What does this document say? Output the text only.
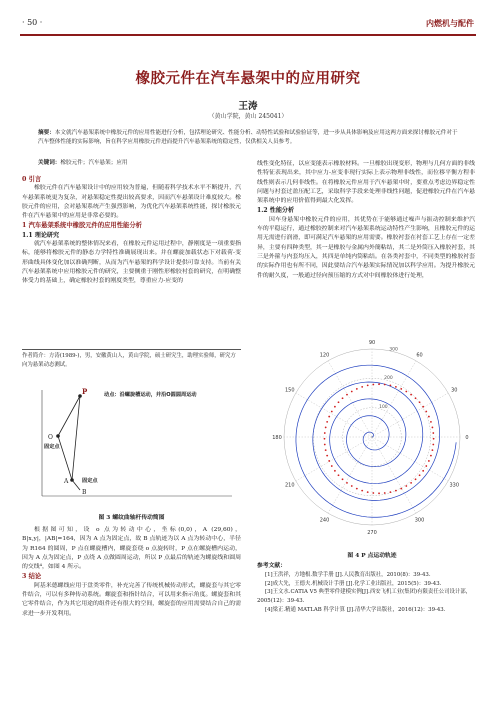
· 50 ·	内燃机与配件
橡胶元件在汽车悬架中的应用研究
王涛
（黄山学院，黄山 245041）
摘要：本文就汽车悬架系统中橡胶元件的应用性能进行分析，包括理论研究、性能分析、动特性试验和试验验证等，进一步从具体影响及应用这两方面来探讨橡胶元件对于汽车整体性能的实际影响，旨在科学应用橡胶元件进而提升汽车悬架系统的稳定性，仅供相关人员参考。
关键词：橡胶元件；汽车悬架；应用
0 引言

橡胶元件在汽车悬架设计中的应用较为普遍，但随着科学技术水平不断提升，汽车悬架系统更为复杂，对悬架稳定性提出较高要求，因而汽车悬架设计难度较大。橡胶元件的应用，会对悬架系统产生强烈影响，为优化汽车悬架系统性能，探讨橡胶元件在汽车悬架中的应用是非常必要的。

1 汽车悬架系统中橡胶元件的应用性能分析
1.1 理论研究

就汽车悬架系统的整体情况来看，在橡胶元件运用过程中，静刚度是一项重要指标，能够将橡胶元件的静态力学特性准确展现出来。并在螺旋加载状态下对载荷-变形曲线具体变化加以准确判断，从而为汽车悬架的科学设计提供可靠支持。当前有关汽车悬架系统中应用橡胶元件的研究，主要侧重于刚性形橡胶衬套的研究，在明确整体受力的基础上，确定橡胶衬套的刚度类型，尊重应力-应变的

作者简介：方涛(1989-)，男，安徽黄山人，黄山学院，硕士研究生，助理实验师，研究方向为悬架动态测试。
P	动点：沿螺旋槽运动，并沿O圆圆周运动
O
固定点
A	固定点
B
图 3 螺纹曲轴杆传动简图

根据图可知，设 o 点为转动中心，坐标(0,0)，A (29,60)，B|x,y|，|AB|=164，因为 A 点为固定点，故 B 点轨迹为以 A 点为转动中心，半径为 R164 的圆周，P 点在螺旋槽内，螺旋套绕 o 点旋转时，P 点在螺旋槽内运动，因为 A 点为固定点，P 点绕 A 点做圆周运动，所以 P 点最后的轨迹为螺旋线和圆周的交线⁴，如图 4 所示。

3 结论

阿基米德螺线应用于盘类零件，补充完善了传统机械传动形式，螺旋套与其它零件结合，可以有多种传动系统。螺旋套和指针结合，可以用来指示角度。螺旋套和其它零件结合，作为其它用途的组件还有很大的空间，螺旋套的应用需要结合自己的需求进一步开发利用。

线性变化特征，以应变能表示橡胶材料。一旦橡胶出现变形，物理与几何方面的非线性特征表现出来，其中应力-应变非现行实际上表示物理非线性，而位移平衡方程非线性则表示几何非线性。在将橡胶元件应用于汽车悬架中时，要重点考虑边界稳定性问题与衬套过盈压配工艺，采取科学手段来处理非线性问题，促进橡胶元件在汽车悬架系统中的应用价值得到最大化发挥。

1.2 性能分析

因车身悬架中橡胶元件的应用，其优势在于能够通过噪声与振动控制来维护汽车的平稳运行，通过橡胶控制来对汽车悬架系统运动特性产生影响，且橡胶元件的运用无需进行润滑，即可满足汽车悬架的应用需要。橡胶衬套在衬套工艺上存在一定差异，主要有四种类型，其一是橡胶与金属内外簡粘结，其二是外筒压入橡胶衬套，其三是外箍与内套均压入，其四是单纯内筒粘结。在各类衬套中，不同类型的橡胶衬套的实际作用也有所不同，因此要结合汽车悬架实际情况加以科学应用。为提升橡胶元件的耐久度，一般通过径向预压缩的方式对中间橡胶体进行处理，

90
120	60
150	30
180	0
210	330
240	300
270
100
200
300
图 4 P 点运动轨迹
参考文献：
[1]王洪祥，方地根.数学手册 [J].人民教育出版社，2010(8)：39-43.
[2]成大先，王德夫.机械设计手册 [J].化学工业出版社，2015(5)：39-43.
[3]王文水.CATIA V5 典型零件建模实例[J].西安飞机工业(集团)有限责任公司设计部，2005(12)：39-43.
[4]梁正.精通 MATLAB 科学计算 [J].清华大学出版社，2016(12)：39-43.
